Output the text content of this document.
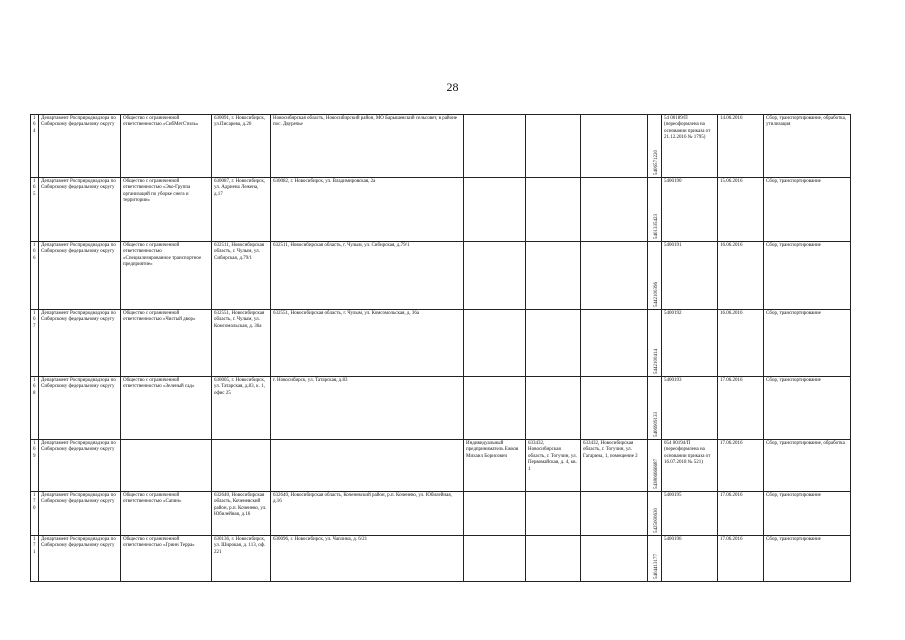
28
164	Департамент Росприроднадзора по Сибирскому федеральному округу	Общество с ограниченной ответственностью «СибМетСтиль»	630091, г. Новосибирск, ул.Писарева, д.20	Новосибирская область, Новосибирский район, МО Барышевский сельсовет, в районе пос. Двуречье				5406571220	54 00189/П (переоформлена на основании приказа от 21.12.2016 № 1795)	14.06.2016	Сбор, транспортирование, обработка, утилизация
165	Департамент Росприроднадзора по Сибирскому федеральному округу	Общество с ограниченной ответственностью «Эко-Группа организаций по уборке снега и территории»	630087, г. Новосибирск, ул. Адриена Лежена, д.17	630082, г. Новосибирск, ул. Владимировская, 2а				5401335423	5400190	15.06.2016	Сбор, транспортирование
166	Департамент Росприроднадзора по Сибирскому федеральному округу	Общество с ограниченной ответственностью «Специализированное транспортное предприятие»	632511, Новосибирская область, г. Чулым, ул. Сибирская, д.79/1	632511, Новосибирская область, г. Чулым, ул. Сибирская, д.79/1				5442100396	5400191	16.06.2016	Сбор, транспортирование
167	Департамент Росприроднадзора по Сибирскому федеральному округу	Общество с ограниченной ответственностью «Чистый двор»	632551, Новосибирская область, г. Чулым, ул. Комсомольская, д. 36а	632551, Новосибирская область, г. Чулым, ул. Комсомольская, д. 36а				5442100414	5400192	16.06.2016	Сбор, транспортирование
168	Департамент Росприроднадзора по Сибирскому федеральному округу	Общество с ограниченной ответственностью «Зеленый сад»	630005, г. Новосибирск, ул. Татарская, д.83, к. 1, офис 25	г. Новосибирск, ул. Татарская, д.83				5406909133	5400193	17.06.2016	Сбор, транспортирование
169	Департамент Росприроднадзора по Сибирскому федеральному округу				Индивидуальный предприниматель Ежков Михаил Борисович	633432, Новосибирская область, г. Тогучин, ул. Первомайская, д. 4, кв. 1	633432, Новосибирская область, г. Тогучин, ул. Гагарина, 1, помещение 2	543806666687	054 00194/П (переоформлена на основании приказа от 16.07.2018 № 521)	17.06.2016	Сбор, транспортирование, обработка
170	Департамент Росприроднадзора по Сибирскому федеральному округу	Общество с ограниченной ответственностью «Сапин»	632640, Новосибирская область, Коченевский район, р.п. Коченево, ул. Юбилейная, д.16	632640, Новосибирская область, Коченевский район, р.п. Коченево, ул. Юбилейная, д.16				5425000630	5400195	17.06.2016	Сбор, транспортирование
171	Департамент Росприроднадзора по Сибирскому федеральному округу	Общество с ограниченной ответственностью «Гринн Терра»	630136, г. Новосибирск, ул. Широкая, д. 113, оф. 221	630096, г. Новосибирск, ул. Чаплина, д. 6/21				5404413177	5400196	17.06.2016	Сбор, транспортирование
